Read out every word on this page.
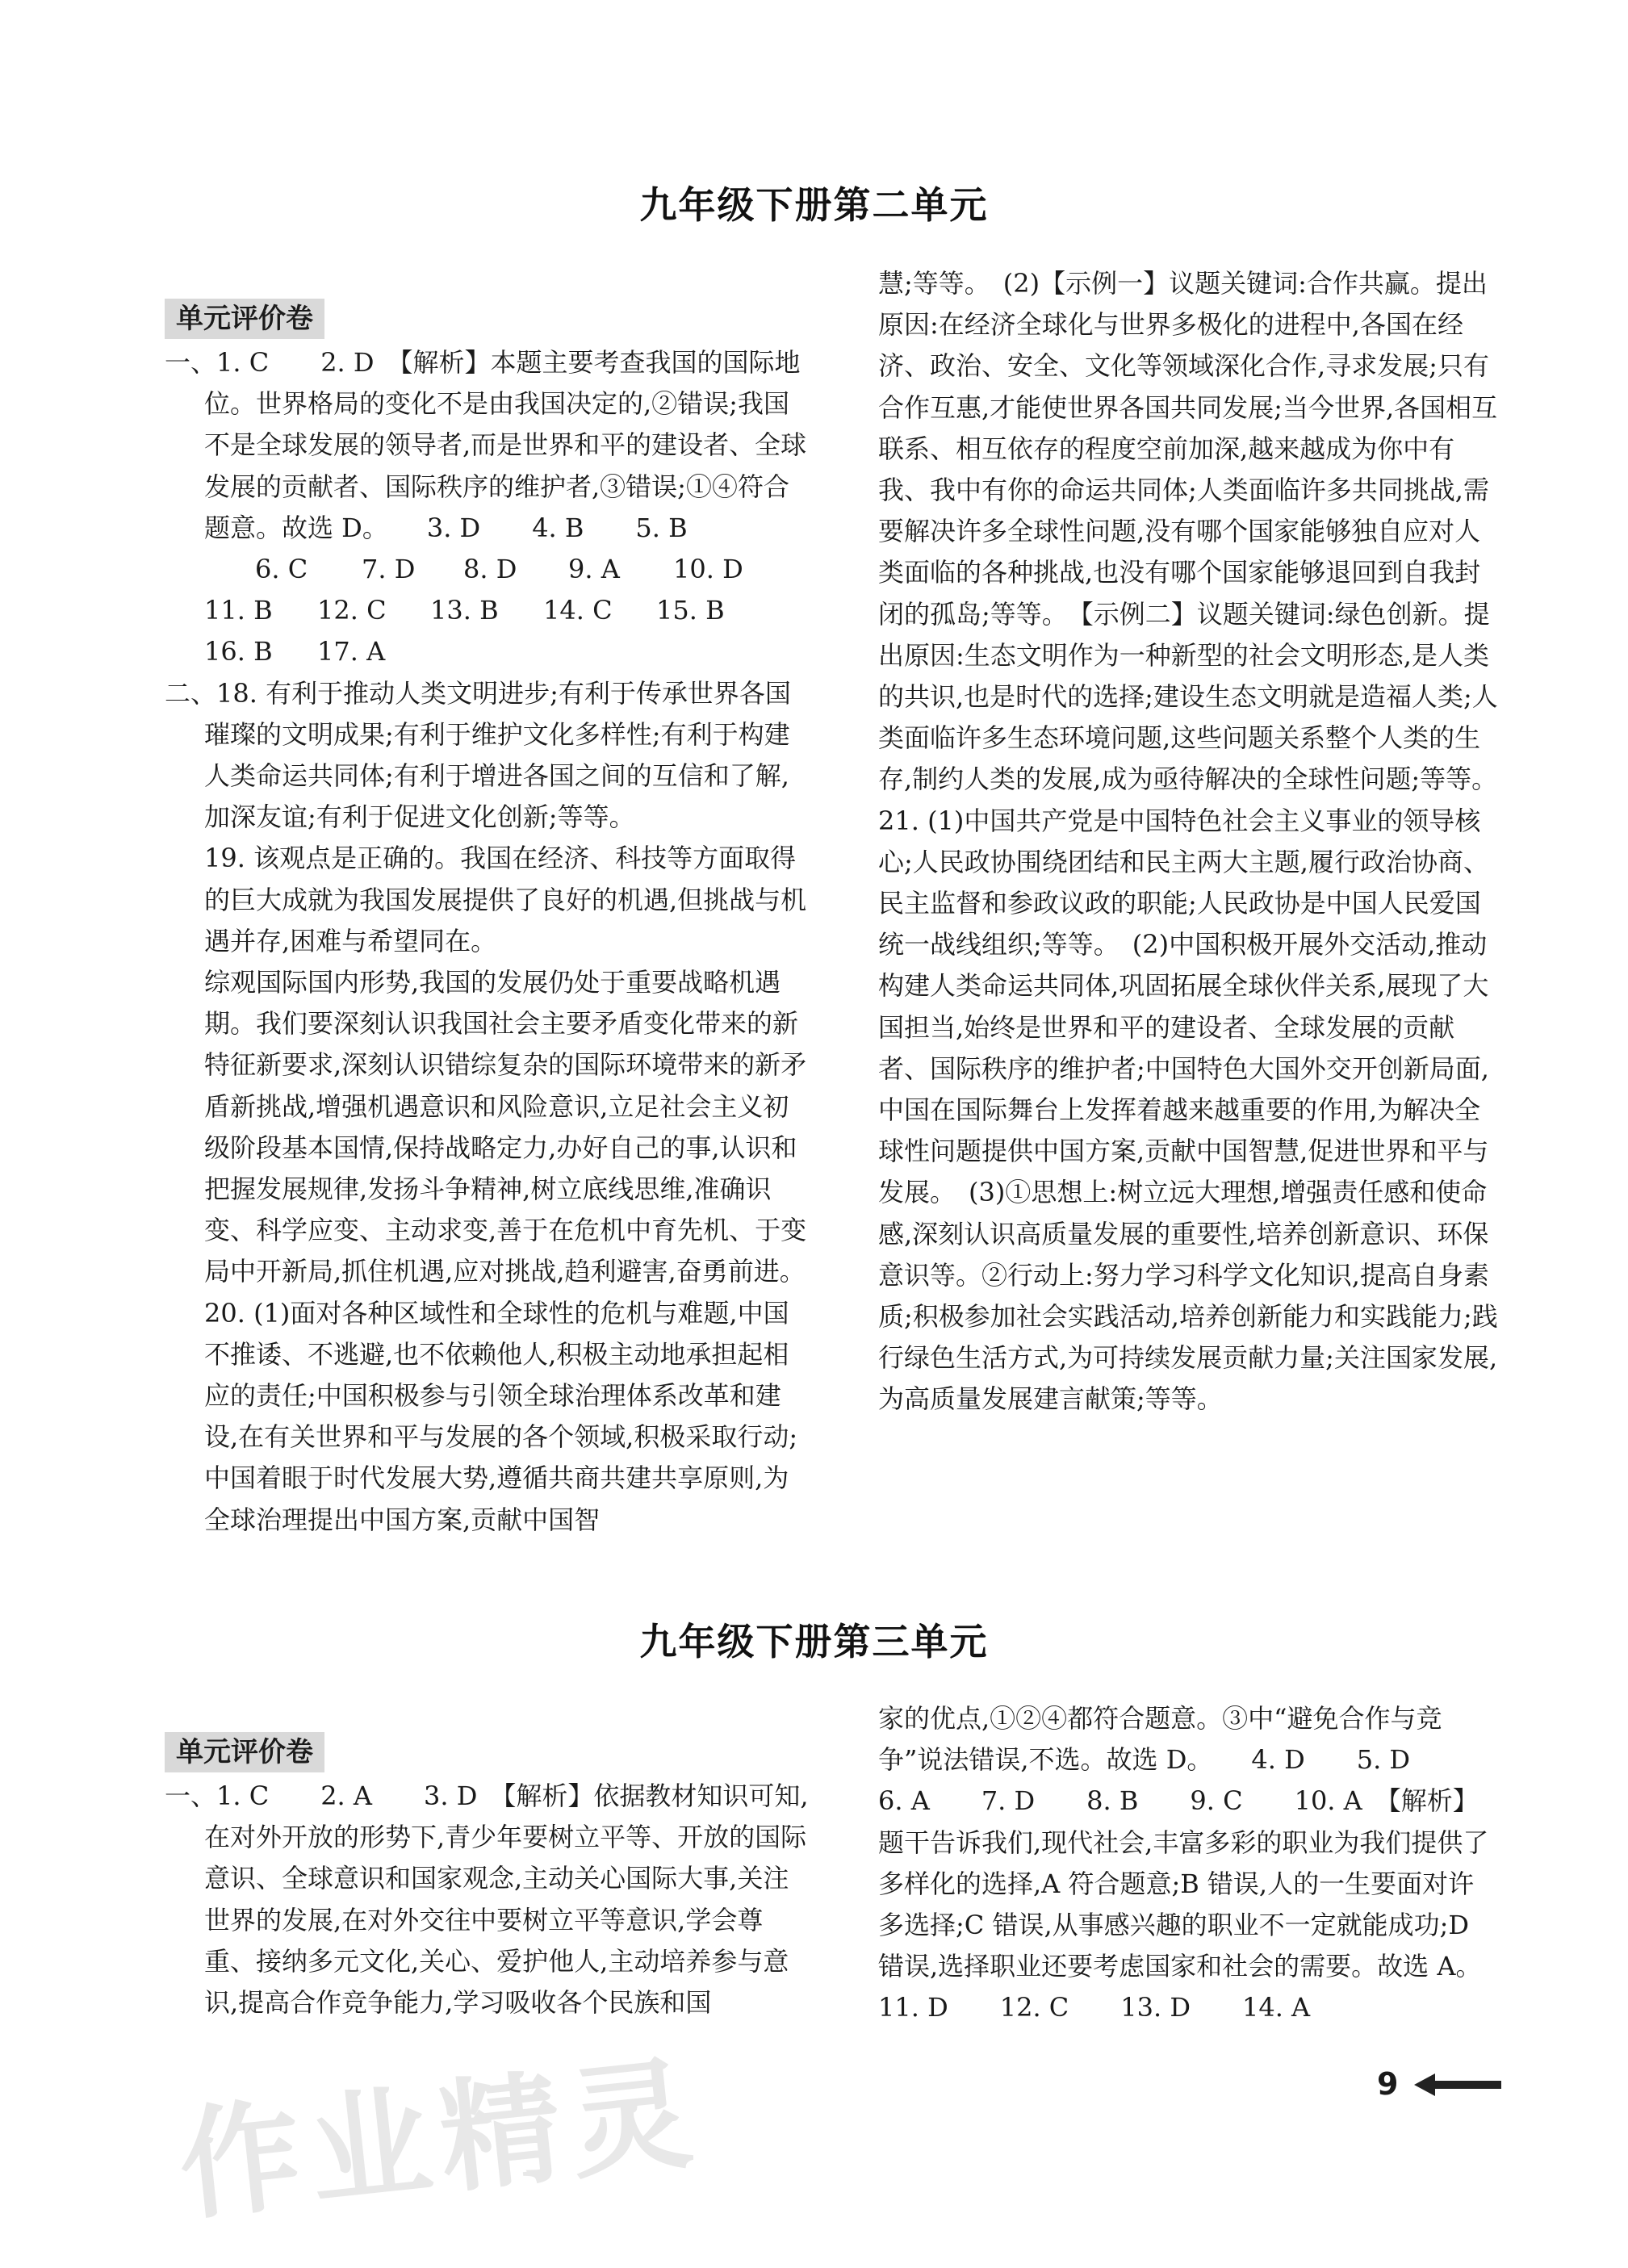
九年级下册第二单元
单元评价卷

一、1. C　　2. D　【解析】本题主要考查我国的国际地位。世界格局的变化不是由我国决定的,②错误;我国不是全球发展的领导者,而是世界和平的建设者、全球发展的贡献者、国际秩序的维护者,③错误;①④符合题意。故选 D。　　3. D　　4. B　　5. B

6. C	7. D	8. D	9. A	10. D
11. B	12. C	13. B	14. C	15. B
16. B	17. A

二、18. 有利于推动人类文明进步;有利于传承世界各国璀璨的文明成果;有利于维护文化多样性;有利于构建人类命运共同体;有利于增进各国之间的互信和了解,加深友谊;有利于促进文化创新;等等。

19. 该观点是正确的。我国在经济、科技等方面取得的巨大成就为我国发展提供了良好的机遇,但挑战与机遇并存,困难与希望同在。

综观国际国内形势,我国的发展仍处于重要战略机遇期。我们要深刻认识我国社会主要矛盾变化带来的新特征新要求,深刻认识错综复杂的国际环境带来的新矛盾新挑战,增强机遇意识和风险意识,立足社会主义初级阶段基本国情,保持战略定力,办好自己的事,认识和把握发展规律,发扬斗争精神,树立底线思维,准确识变、科学应变、主动求变,善于在危机中育先机、于变局中开新局,抓住机遇,应对挑战,趋利避害,奋勇前进。

20. (1)面对各种区域性和全球性的危机与难题,中国不推诿、不逃避,也不依赖他人,积极主动地承担起相应的责任;中国积极参与引领全球治理体系改革和建设,在有关世界和平与发展的各个领域,积极采取行动;中国着眼于时代发展大势,遵循共商共建共享原则,为全球治理提出中国方案,贡献中国智

慧;等等。　(2)【示例一】议题关键词:合作共赢。提出原因:在经济全球化与世界多极化的进程中,各国在经济、政治、安全、文化等领域深化合作,寻求发展;只有合作互惠,才能使世界各国共同发展;当今世界,各国相互联系、相互依存的程度空前加深,越来越成为你中有我、我中有你的命运共同体;人类面临许多共同挑战,需要解决许多全球性问题,没有哪个国家能够独自应对人类面临的各种挑战,也没有哪个国家能够退回到自我封闭的孤岛;等等。　【示例二】议题关键词:绿色创新。提出原因:生态文明作为一种新型的社会文明形态,是人类的共识,也是时代的选择;建设生态文明就是造福人类;人类面临许多生态环境问题,这些问题关系整个人类的生存,制约人类的发展,成为亟待解决的全球性问题;等等。

21. (1)中国共产党是中国特色社会主义事业的领导核心;人民政协围绕团结和民主两大主题,履行政治协商、民主监督和参政议政的职能;人民政协是中国人民爱国统一战线组织;等等。　(2)中国积极开展外交活动,推动构建人类命运共同体,巩固拓展全球伙伴关系,展现了大国担当,始终是世界和平的建设者、全球发展的贡献者、国际秩序的维护者;中国特色大国外交开创新局面,中国在国际舞台上发挥着越来越重要的作用,为解决全球性问题提供中国方案,贡献中国智慧,促进世界和平与发展。　(3)①思想上:树立远大理想,增强责任感和使命感,深刻认识高质量发展的重要性,培养创新意识、环保意识等。②行动上:努力学习科学文化知识,提高自身素质;积极参加社会实践活动,培养创新能力和实践能力;践行绿色生活方式,为可持续发展贡献力量;关注国家发展,为高质量发展建言献策;等等。

九年级下册第三单元
单元评价卷

一、1. C　　2. A　　3. D　【解析】依据教材知识可知,在对外开放的形势下,青少年要树立平等、开放的国际意识、全球意识和国家观念,主动关心国际大事,关注世界的发展,在对外交往中要树立平等意识,学会尊重、接纳多元文化,关心、爱护他人,主动培养参与意识,提高合作竞争能力,学习吸收各个民族和国

家的优点,①②④都符合题意。③中“避免合作与竞争”说法错误,不选。故选 D。　　4. D　　5. D

6. A　　7. D　　8. B　　9. C　　10. A　【解析】题干告诉我们,现代社会,丰富多彩的职业为我们提供了多样化的选择,A 符合题意;B 错误,人的一生要面对许多选择;C 错误,从事感兴趣的职业不一定就能成功;D 错误,选择职业还要考虑国家和社会的需要。故选 A。　　11. D　　12. C　　13. D　　14. A

作业精灵	9
